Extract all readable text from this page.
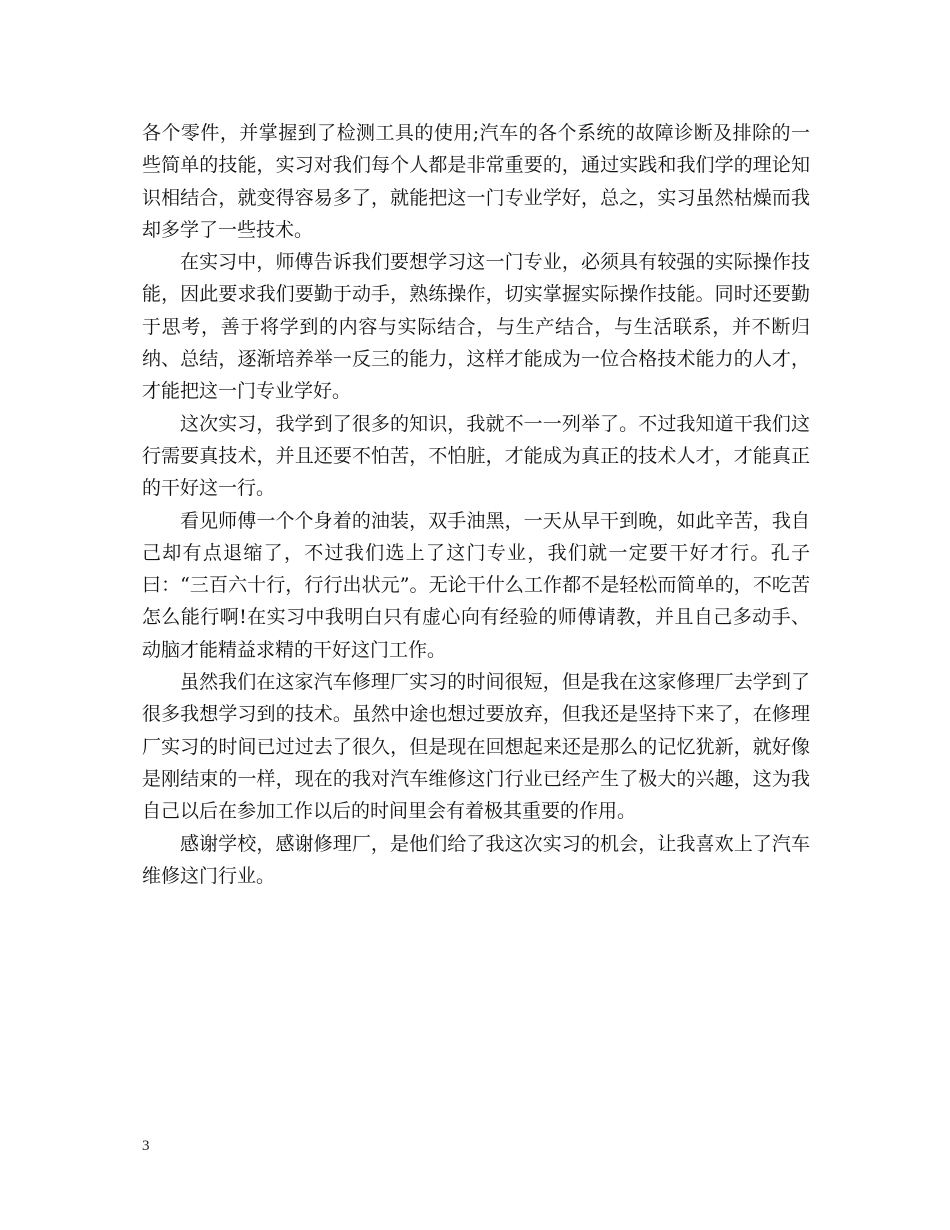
各个零件，并掌握到了检测工具的使用;汽车的各个系统的故障诊断及排除的一些简单的技能，实习对我们每个人都是非常重要的，通过实践和我们学的理论知识相结合，就变得容易多了，就能把这一门专业学好，总之，实习虽然枯燥而我却多学了一些技术。

在实习中，师傅告诉我们要想学习这一门专业，必须具有较强的实际操作技能，因此要求我们要勤于动手，熟练操作，切实掌握实际操作技能。同时还要勤于思考，善于将学到的内容与实际结合，与生产结合，与生活联系，并不断归纳、总结，逐渐培养举一反三的能力，这样才能成为一位合格技术能力的人才，才能把这一门专业学好。

这次实习，我学到了很多的知识，我就不一一列举了。不过我知道干我们这行需要真技术，并且还要不怕苦，不怕脏，才能成为真正的技术人才，才能真正的干好这一行。

看见师傅一个个身着的油装，双手油黑，一天从早干到晚，如此辛苦，我自己却有点退缩了，不过我们选上了这门专业，我们就一定要干好才行。孔子曰：“三百六十行，行行出状元”。无论干什么工作都不是轻松而简单的，不吃苦怎么能行啊!在实习中我明白只有虚心向有经验的师傅请教，并且自己多动手、动脑才能精益求精的干好这门工作。

虽然我们在这家汽车修理厂实习的时间很短，但是我在这家修理厂去学到了很多我想学习到的技术。虽然中途也想过要放弃，但我还是坚持下来了，在修理厂实习的时间已过过去了很久，但是现在回想起来还是那么的记忆犹新，就好像是刚结束的一样，现在的我对汽车维修这门行业已经产生了极大的兴趣，这为我自己以后在参加工作以后的时间里会有着极其重要的作用。

感谢学校，感谢修理厂，是他们给了我这次实习的机会，让我喜欢上了汽车维修这门行业。

3
